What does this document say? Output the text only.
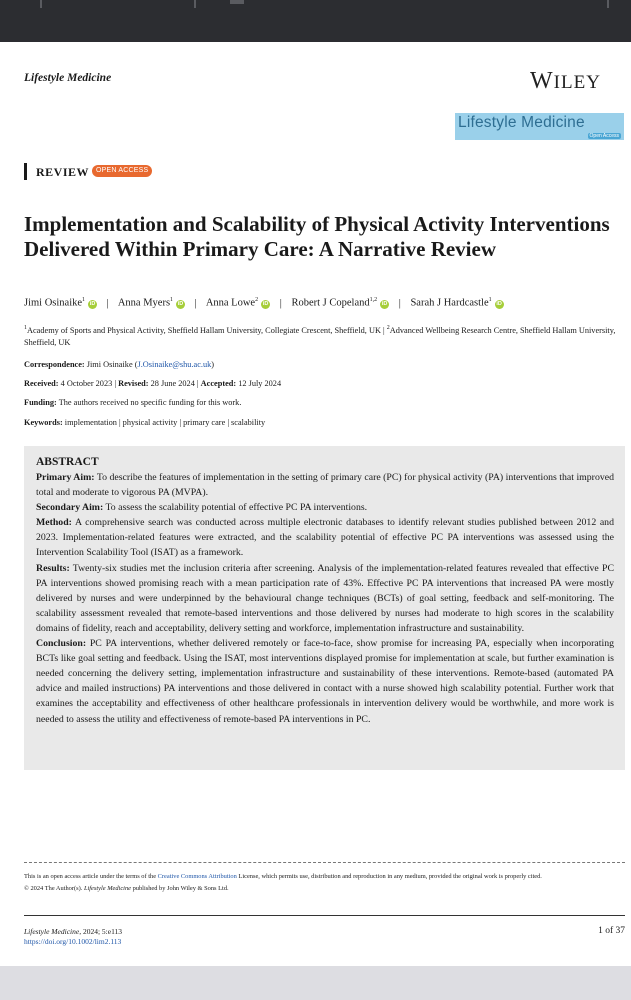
Lifestyle Medicine	WILEY
Lifestyle Medicine
Open Access
REVIEW OPEN ACCESS
Implementation and Scalability of Physical Activity Interventions Delivered Within Primary Care: A Narrative Review
Jimi Osinaike$^1$iD | Anna Myers$^1$iD | Anna Lowe$^2$iD | Robert J Copeland$^{1,2}$iD | Sarah J Hardcastle$^1$iD
$^1$Academy of Sports and Physical Activity, Sheffield Hallam University, Collegiate Crescent, Sheffield, UK | $^2$Advanced Wellbeing Research Centre, Sheffield Hallam University, Sheffield, UK
Correspondence: Jimi Osinaike (J.Osinaike@shu.ac.uk)
Received: 4 October 2023 | Revised: 28 June 2024 | Accepted: 12 July 2024
Funding: The authors received no specific funding for this work.
Keywords: implementation | physical activity | primary care | scalability
ABSTRACT

Primary Aim: To describe the features of implementation in the setting of primary care (PC) for physical activity (PA) interventions that improved total and moderate to vigorous PA (MVPA).

Secondary Aim: To assess the scalability potential of effective PC PA interventions.

Method: A comprehensive search was conducted across multiple electronic databases to identify relevant studies published between 2012 and 2023. Implementation-related features were extracted, and the scalability potential of effective PC PA interventions was assessed using the Intervention Scalability Tool (ISAT) as a framework.

Results: Twenty-six studies met the inclusion criteria after screening. Analysis of the implementation-related features revealed that effective PC PA interventions showed promising reach with a mean participation rate of 43%. Effective PC PA interventions that increased PA were mostly delivered by nurses and were underpinned by the behavioural change techniques (BCTs) of goal setting, feedback and self-monitoring. The scalability assessment revealed that remote-based interventions and those delivered by nurses had moderate to high scores in the scalability domains of fidelity, reach and acceptability, delivery setting and workforce, implementation infrastructure and sustainability.

Conclusion: PC PA interventions, whether delivered remotely or face-to-face, show promise for increasing PA, especially when incorporating BCTs like goal setting and feedback. Using the ISAT, most interventions displayed promise for implementation at scale, but further examination is needed concerning the delivery setting, implementation infrastructure and sustainability of these interventions. Remote-based (automated PA advice and mailed instructions) PA interventions and those delivered in contact with a nurse showed high scalability potential. Further work that examines the acceptability and effectiveness of other healthcare professionals in intervention delivery would be worthwhile, and more work is needed to assess the utility and effectiveness of remote-based PA interventions in PC.

This is an open access article under the terms of the Creative Commons Attribution License, which permits use, distribution and reproduction in any medium, provided the original work is properly cited.
© 2024 The Author(s). Lifestyle Medicine published by John Wiley & Sons Ltd.
Lifestyle Medicine, 2024; 5:e113
https://doi.org/10.1002/lim2.113
1 of 37
